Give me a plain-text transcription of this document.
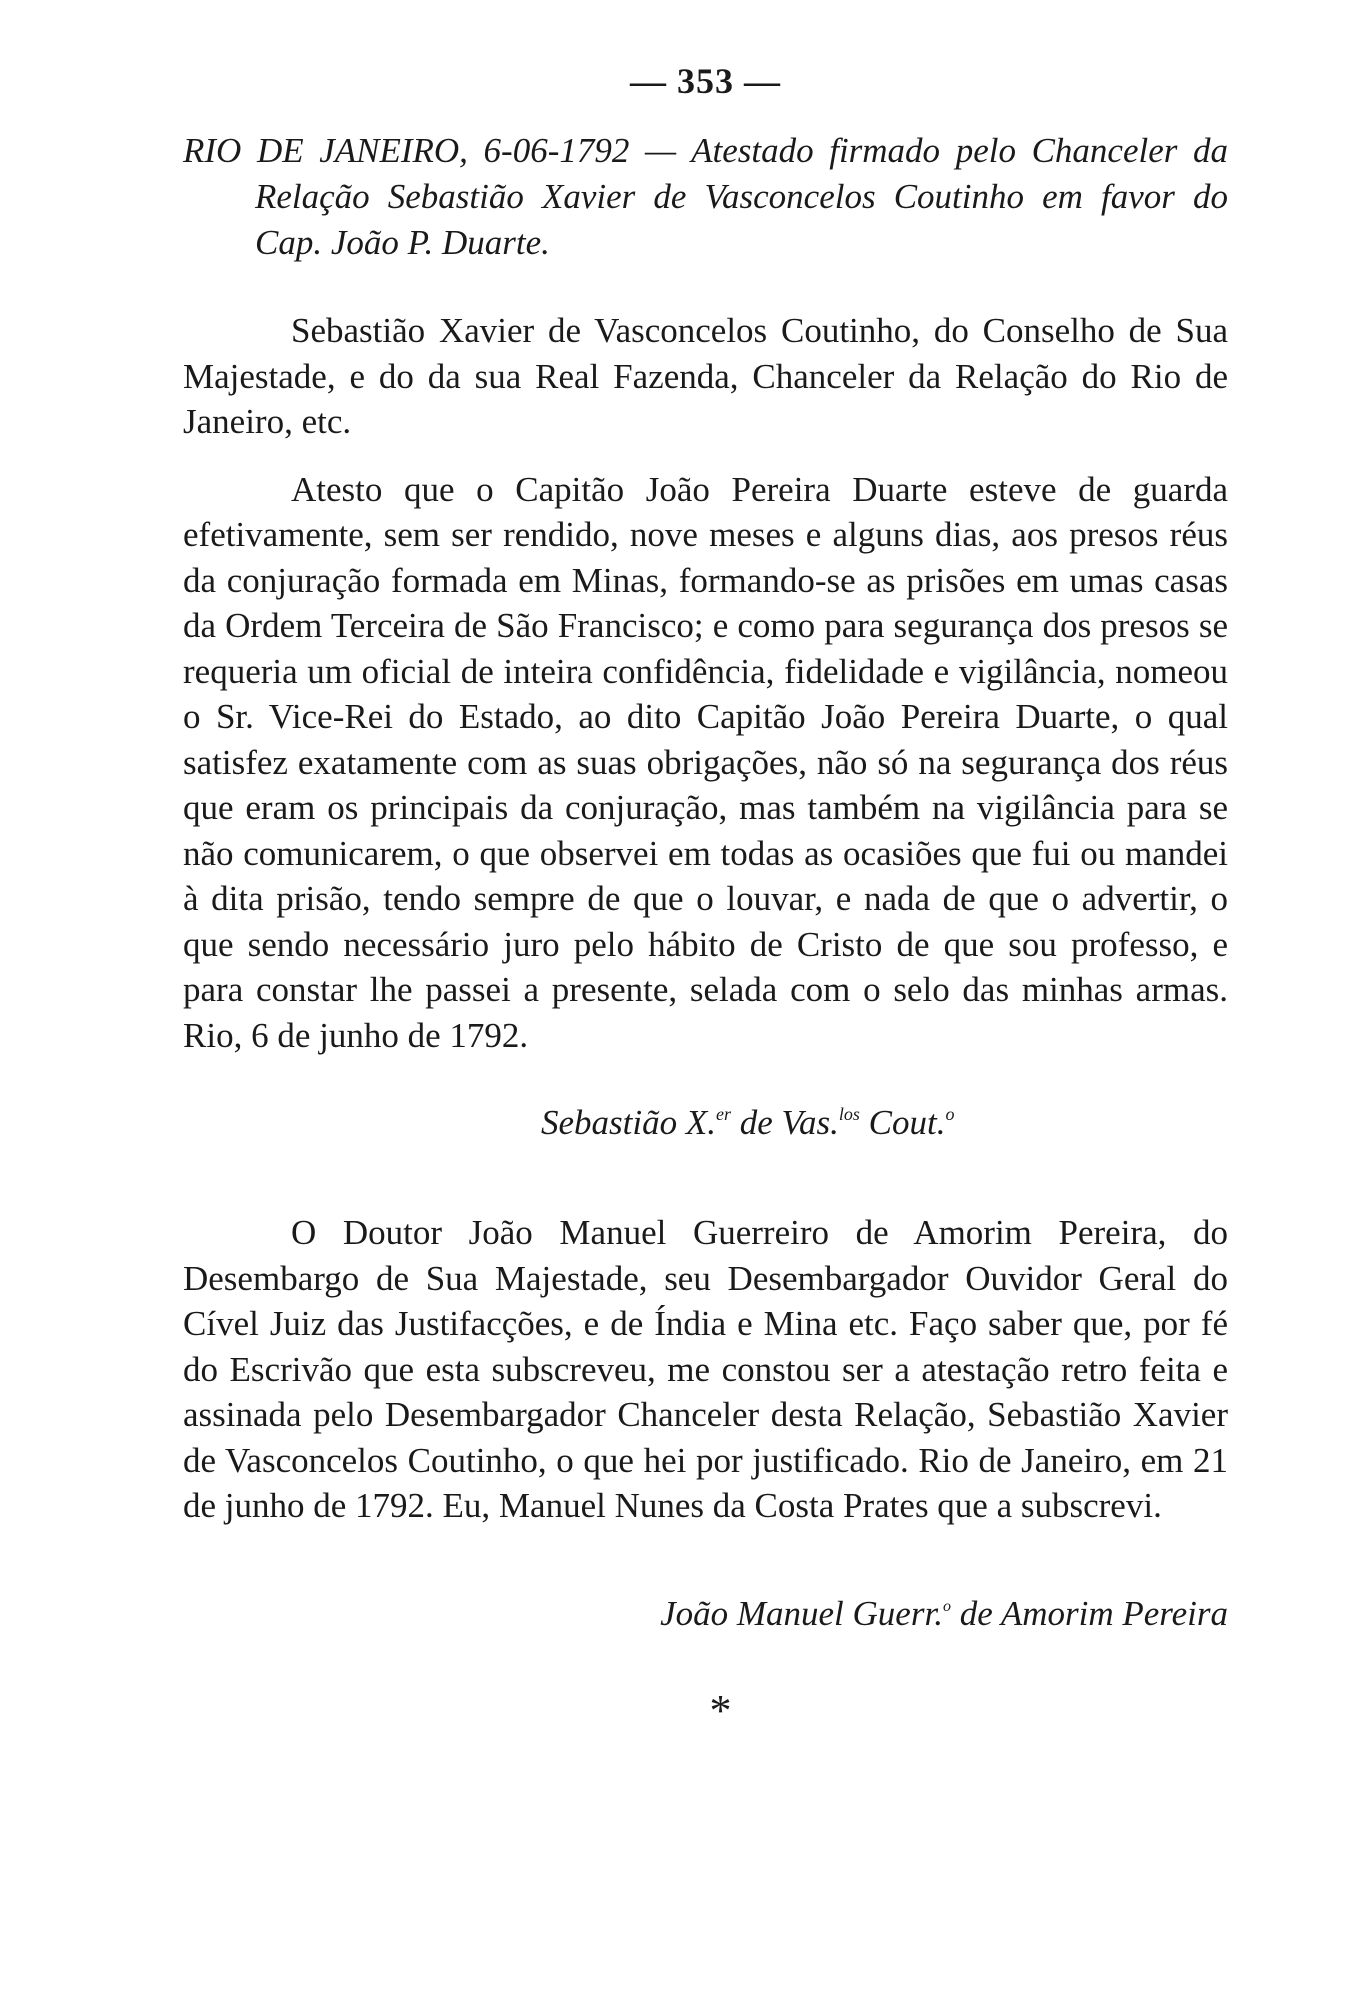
— 353 —

RIO DE JANEIRO, 6-06-1792 — Atestado firmado pelo Chanceler da Relação Sebastião Xavier de Vasconcelos Coutinho em favor do Cap. João P. Duarte.

Sebastião Xavier de Vasconcelos Coutinho, do Conselho de Sua Majestade, e do da sua Real Fazenda, Chanceler da Relação do Rio de Janeiro, etc.

Atesto que o Capitão João Pereira Duarte esteve de guarda efetivamente, sem ser rendido, nove meses e alguns dias, aos presos réus da conjuração formada em Minas, formando-se as prisões em umas casas da Ordem Terceira de São Francisco; e como para segurança dos presos se requeria um oficial de inteira confidência, fidelidade e vigilância, nomeou o Sr. Vice-Rei do Estado, ao dito Capitão João Pereira Duarte, o qual satisfez exatamente com as suas obrigações, não só na segurança dos réus que eram os principais da conjuração, mas também na vigilância para se não comunicarem, o que observei em todas as ocasiões que fui ou mandei à dita prisão, tendo sempre de que o louvar, e nada de que o advertir, o que sendo necessário juro pelo hábito de Cristo de que sou professo, e para constar lhe passei a presente, selada com o selo das minhas armas. Rio, 6 de junho de 1792.

Sebastião X.$^{er}$ de Vas.$^{los}$ Cout.$^o$

O Doutor João Manuel Guerreiro de Amorim Pereira, do Desembargo de Sua Majestade, seu Desembargador Ouvidor Geral do Cível Juiz das Justifacções, e de Índia e Mina etc. Faço saber que, por fé do Escrivão que esta subscreveu, me constou ser a atestação retro feita e assinada pelo Desembargador Chanceler desta Relação, Sebastião Xavier de Vasconcelos Coutinho, o que hei por justificado. Rio de Janeiro, em 21 de junho de 1792. Eu, Manuel Nunes da Costa Prates que a subscrevi.

João Manuel Guerr.$^o$ de Amorim Pereira

*
